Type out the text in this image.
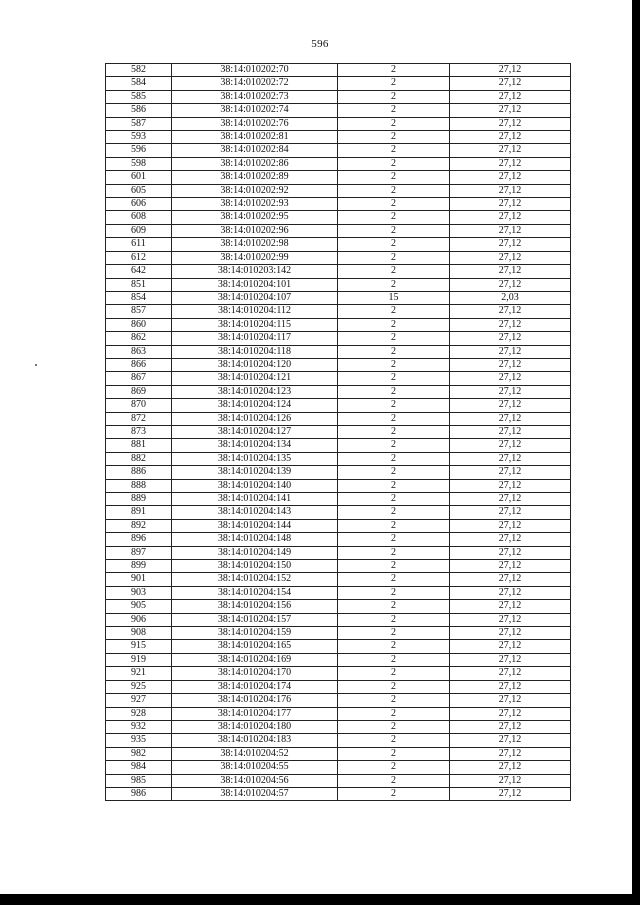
596
582	38:14:010202:70	2	27,12
584	38:14:010202:72	2	27,12
585	38:14:010202:73	2	27,12
586	38:14:010202:74	2	27,12
587	38:14:010202:76	2	27,12
593	38:14:010202:81	2	27,12
596	38:14:010202:84	2	27,12
598	38:14:010202:86	2	27,12
601	38:14:010202:89	2	27,12
605	38:14:010202:92	2	27,12
606	38:14:010202:93	2	27,12
608	38:14:010202:95	2	27,12
609	38:14:010202:96	2	27,12
611	38:14:010202:98	2	27,12
612	38:14:010202:99	2	27,12
642	38:14:010203:142	2	27,12
851	38:14:010204:101	2	27,12
854	38:14:010204:107	15	2,03
857	38:14:010204:112	2	27,12
860	38:14:010204:115	2	27,12
862	38:14:010204:117	2	27,12
863	38:14:010204:118	2	27,12
866	38:14:010204:120	2	27,12
867	38:14:010204:121	2	27,12
869	38:14:010204:123	2	27,12
870	38:14:010204:124	2	27,12
872	38:14:010204:126	2	27,12
873	38:14:010204:127	2	27,12
881	38:14:010204:134	2	27,12
882	38:14:010204:135	2	27,12
886	38:14:010204:139	2	27,12
888	38:14:010204:140	2	27,12
889	38:14:010204:141	2	27,12
891	38:14:010204:143	2	27,12
892	38:14:010204:144	2	27,12
896	38:14:010204:148	2	27,12
897	38:14:010204:149	2	27,12
899	38:14:010204:150	2	27,12
901	38:14:010204:152	2	27,12
903	38:14:010204:154	2	27,12
905	38:14:010204:156	2	27,12
906	38:14:010204:157	2	27,12
908	38:14:010204:159	2	27,12
915	38:14:010204:165	2	27,12
919	38:14:010204:169	2	27,12
921	38:14:010204:170	2	27,12
925	38:14:010204:174	2	27,12
927	38:14:010204:176	2	27,12
928	38:14:010204:177	2	27,12
932	38:14:010204:180	2	27,12
935	38:14:010204:183	2	27,12
982	38:14:010204:52	2	27,12
984	38:14:010204:55	2	27,12
985	38:14:010204:56	2	27,12
986	38:14:010204:57	2	27,12
